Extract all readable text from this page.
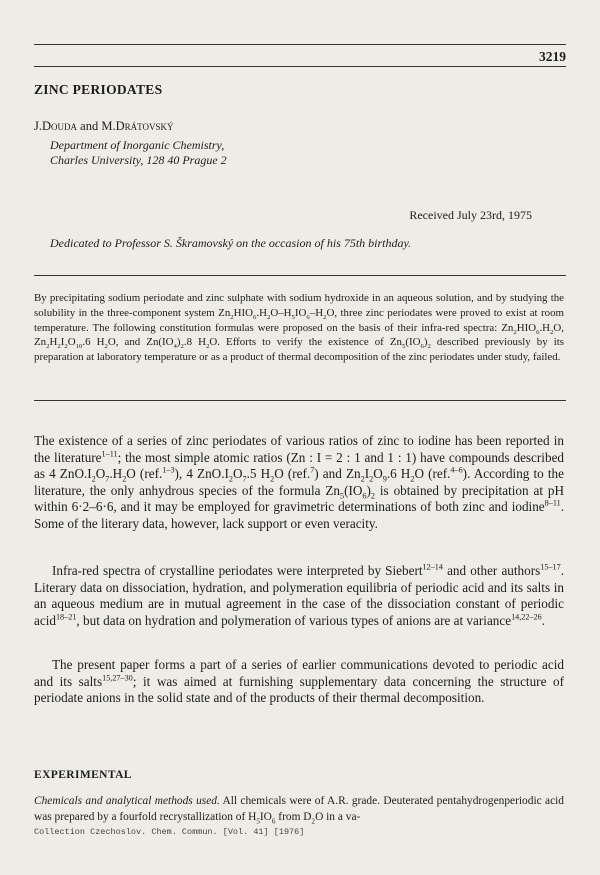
3219
ZINC PERIODATES
J.Douda and M.Drátovský
Department of Inorganic Chemistry,
Charles University, 128 40 Prague 2
Received July 23rd, 1975
Dedicated to Professor S. Škramovský on the occasion of his 75th birthday.
By precipitating sodium periodate and zinc sulphate with sodium hydroxide in an aqueous solution, and by studying the solubility in the three-component system $Zn_2HIO_6.H_2O-H_5IO_6-H_2O$, three zinc periodates were proved to exist at room temperature. The following constitution formulas were proposed on the basis of their infra-red spectra: $Zn_2HIO_6.H_2O$, $Zn_2H_2I_2O_{10}.6$ $H_2O$, and $Zn(IO_4)_2.8$ $H_2O$. Efforts to verify the existence of $Zn_5(IO_6)_2$ described previously by its preparation at laboratory temperature or as a product of thermal decomposition of the zinc periodates under study, failed.

The existence of a series of zinc periodates of various ratios of zinc to iodine has been reported in the literature$^{1-11}$; the most simple atomic ratios (Zn : I = 2 : 1 and 1 : 1) have compounds described as 4 $ZnO.I_2O_7.H_2O$ (ref.$^{1-3}$), 4 $ZnO.I_2O_7.5$ $H_2O$ (ref.$^7$) and $Zn_2I_2O_9.6$ $H_2O$ (ref.$^{4-6}$). According to the literature, the only anhydrous species of the formula $Zn_5(IO_6)_2$ is obtained by precipitation at pH within 6·2–6·6, and it may be employed for gravimetric determinations of both zinc and iodine$^{8-11}$. Some of the literary data, however, lack support or even veracity.

Infra-red spectra of crystalline periodates were interpreted by Siebert$^{12-14}$ and other authors$^{15-17}$. Literary data on dissociation, hydration, and polymeration equilibria of periodic acid and its salts in an aqueous medium are in mutual agreement in the case of the dissociation constant of periodic acid$^{18-21}$, but data on hydration and polymeration of various types of anions are at variance$^{14,22-26}$.

The present paper forms a part of a series of earlier communications devoted to periodic acid and its salts$^{15,27-30}$; it was aimed at furnishing supplementary data concerning the structure of periodate anions in the solid state and of the products of their thermal decomposition.

EXPERIMENTAL
Chemicals and analytical methods used. All chemicals were of A.R. grade. Deuterated pentahydrogenperiodic acid was prepared by a fourfold recrystallization of $H_5IO_6$ from $D_2O$ in a va-
Collection Czechoslov. Chem. Commun. [Vol. 41] [1976]
